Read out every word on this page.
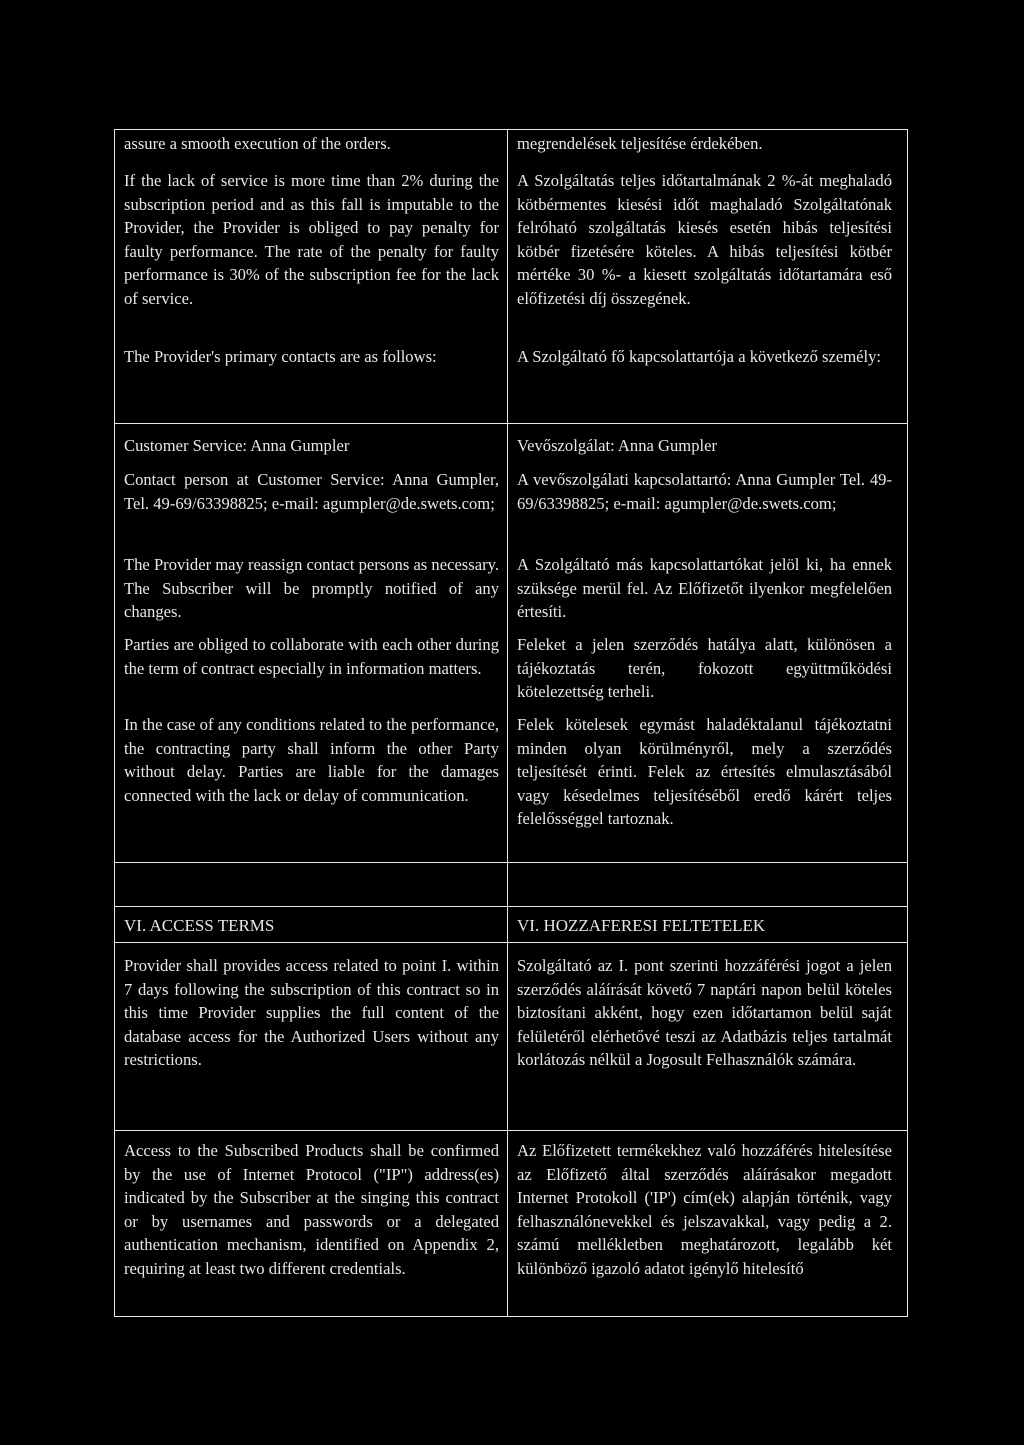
assure a smooth execution of the orders.

If the lack of service is more time than 2% during the subscription period and as this fall is imputable to the Provider, the Provider is obliged to pay penalty for faulty performance. The rate of the penalty for faulty performance is 30% of the subscription fee for the lack of service.

The Provider's primary contacts are as follows:

Customer Service: Anna Gumpler

Contact person at Customer Service: Anna Gumpler, Tel. 49-69/63398825; e-mail: agumpler@de.swets.com;

The Provider may reassign contact persons as necessary. The Subscriber will be promptly notified of any changes.

Parties are obliged to collaborate with each other during the term of contract especially in information matters.

In the case of any conditions related to the performance, the contracting party shall inform the other Party without delay. Parties are liable for the damages connected with the lack or delay of communication.

VI. ACCESS TERMS

Provider shall provides access related to point I. within 7 days following the subscription of this contract so in this time Provider supplies the full content of the database access for the Authorized Users without any restrictions.

Access to the Subscribed Products shall be confirmed by the use of Internet Protocol ("IP") address(es) indicated by the Subscriber at the singing this contract or by usernames and passwords or a delegated authentication mechanism, identified on Appendix 2, requiring at least two different credentials.

megrendelések teljesítése érdekében.

A Szolgáltatás teljes időtartalmának 2 %-át meghaladó kötbérmentes kiesési időt maghaladó Szolgáltatónak felróható szolgáltatás kiesés esetén hibás teljesítési kötbér fizetésére köteles. A hibás teljesítési kötbér mértéke 30 %- a kiesett szolgáltatás időtartamára eső előfizetési díj összegének.

A Szolgáltató fő kapcsolattartója a következő személy:

Vevőszolgálat: Anna Gumpler

A vevőszolgálati kapcsolattartó: Anna Gumpler Tel. 49-69/63398825; e-mail: agumpler@de.swets.com;

A Szolgáltató más kapcsolattartókat jelöl ki, ha ennek szüksége merül fel. Az Előfizetőt ilyenkor megfelelően értesíti.

Feleket a jelen szerződés hatálya alatt, különösen a tájékoztatás terén, fokozott együttműködési kötelezettség terheli.

Felek kötelesek egymást haladéktalanul tájékoztatni minden olyan körülményről, mely a szerződés teljesítését érinti. Felek az értesítés elmulasztásából vagy késedelmes teljesítéséből eredő kárért teljes felelősséggel tartoznak.

VI. HOZZAFERESI FELTETELEK

Szolgáltató az I. pont szerinti hozzáférési jogot a jelen szerződés aláírását követő 7 naptári napon belül köteles biztosítani akként, hogy ezen időtartamon belül saját felületéről elérhetővé teszi az Adatbázis teljes tartalmát korlátozás nélkül a Jogosult Felhasználók számára.

Az Előfizetett termékekhez való hozzáférés hitelesítése az Előfizető által szerződés aláírásakor megadott Internet Protokoll ('IP') cím(ek) alapján történik, vagy felhasználónevekkel és jelszavakkal, vagy pedig a 2. számú mellékletben meghatározott, legalább két különböző igazoló adatot igénylő hitelesítő
